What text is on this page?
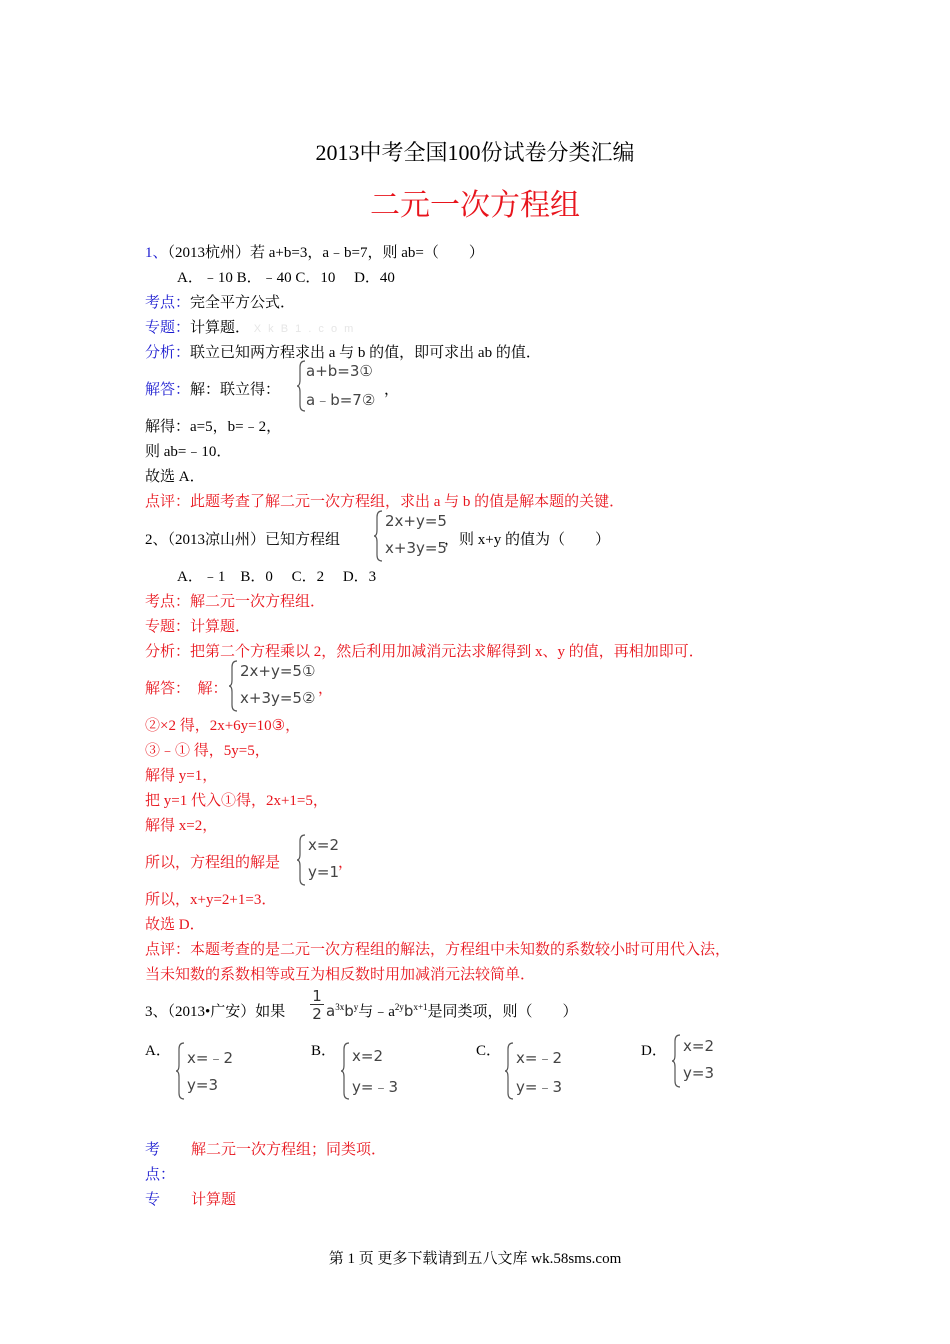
2013中考全国100份试卷分类汇编
二元一次方程组
1、（2013杭州）若 a+b=3，a﹣b=7，则 ab=（　　）
A．﹣10 B．﹣40 C．10　 D．40
考点：完全平方公式．
专题：计算题． X k B 1 . c o m
分析：联立已知两方程求出 a 与 b 的值，即可求出 ab 的值．
解答：解：联立得：
a+b=3①
a﹣b=7②
，
解得：a=5，b=﹣2，
则 ab=﹣10．
故选 A．
点评：此题考查了解二元一次方程组，求出 a 与 b 的值是解本题的关键．
2、（2013凉山州）已知方程组
2x+y=5
x+3y=5
，则 x+y 的值为（　　）
A．﹣1　B．0　 C．2　 D．3
考点：解二元一次方程组．
专题：计算题．
分析：把第二个方程乘以 2，然后利用加减消元法求解得到 x、y 的值，再相加即可．
解答：　解：
2x+y=5①
x+3y=5② ，
②×2 得，2x+6y=10③，
③﹣① 得，5y=5，
解得 y=1，
把 y=1 代入①得，2x+1=5，
解得 x=2，
所以，方程组的解是
x=2
y=1 ，
所以，x+y=2+1=3．
故选 D．
点评：本题考查的是二元一次方程组的解法，方程组中未知数的系数较小时可用代入法，
当未知数的系数相等或互为相反数时用加减消元法较简单．
3、（2013•广安）如果
1
2 $a^{3x}b^y$与$﹣a^{2y}b^{x+1}$是同类项，则（　　）
A． x=﹣2
y=3
B． x=2
y=﹣3
C． x=﹣2
y=﹣3
D． x=2
y=3
考
点：
解二元一次方程组；同类项．
专 计算题
第 1 页 更多下载请到五八文库 wk.58sms.com
